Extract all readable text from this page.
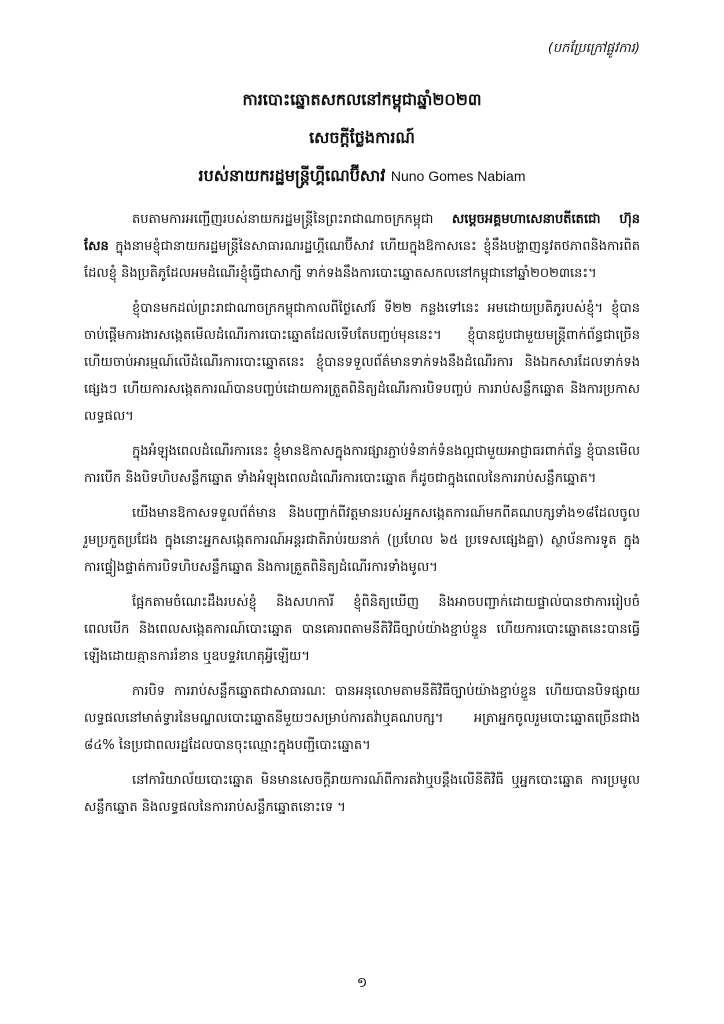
(បកប្រែក្រៅផ្លូវការ)
ការបោះឆ្នោតសកលនៅកម្ពុជាឆ្នាំ២០២៣
សេចក្តីថ្លែងការណ៍
របស់នាយករដ្ឋមន្ត្រីហ្គីណេប៊ីសាវ Nuno Gomes Nabiam

តបតាមការអញ្ជើញរបស់នាយករដ្ឋមន្ត្រីនៃព្រះរាជាណាចក្រកម្ពុជា សម្តេចអគ្គមហាសេនាបតីតេជោ ហ៊ុន សែន ក្នុងនាមខ្ញុំជានាយករដ្ឋមន្ត្រីនៃសាធារណរដ្ឋហ្គីណេប៊ីសាវ ហើយក្នុងឱកាសនេះ ខ្ញុំនឹងបង្ហាញនូវតថភាពនិងការពិតដែលខ្ញុំ និងប្រតិភូដែលអមដំណើរខ្ញុំធ្វើជាសាក្សី ទាក់ទងនឹងការបោះឆ្នោតសកលនៅកម្ពុជានៅឆ្នាំ២០២៣នេះ។

ខ្ញុំបានមកដល់ព្រះរាជាណាចក្រកម្ពុជាកាលពីថ្ងៃសៅរ៍ ទី២២ កន្លងទៅនេះ អមដោយប្រតិភូរបស់ខ្ញុំ។ ខ្ញុំបានចាប់ផ្តើមការងារសង្កេតមើលដំណើរការបោះឆ្នោតដែលទើបតែបញ្ចប់មុននេះ។ ខ្ញុំបានជួបជាមួយមន្ត្រីពាក់ព័ន្ធជាច្រើន ហើយចាប់អារម្មណ៍លើដំណើរការបោះឆ្នោតនេះ ខ្ញុំបានទទួលព័ត៌មានទាក់ទងនឹងដំណើរការ និងឯកសារដែលទាក់ទងផ្សេងៗ ហើយការសង្កេតការណ៍បានបញ្ចប់ដោយការត្រួតពិនិត្យដំណើរការបិទបញ្ចប់ ការរាប់សន្លឹកឆ្នោត និងការប្រកាសលទ្ធផល។

ក្នុងអំឡុងពេលដំណើរការនេះ ខ្ញុំមានឱកាសក្នុងការផ្សារភ្ជាប់ទំនាក់ទំនងល្អជាមួយអាជ្ញាធរពាក់ព័ន្ធ ខ្ញុំបានមើលការបើក និងបិទហិបសន្លឹកឆ្នោត ទាំងអំឡុងពេលដំណើរការបោះឆ្នោត ក៏ដូចជាក្នុងពេលនៃការរាប់សន្លឹកឆ្នោត។

យើងមានឱកាសទទួលព័ត៌មាន និងបញ្ជាក់ពីវត្តមានរបស់អ្នកសង្កេតការណ៍មកពីគណបក្សទាំង១៨ដែលចូលរួមប្រកួតប្រជែង ក្នុងនោះអ្នកសង្កេតការណ៍អន្តរជាតិរាប់រយនាក់ (ប្រហែល ៦៥ ប្រទេសផ្សេងគ្នា) ស្ថាប័នការទូត ក្នុងការផ្ទៀងផ្ទាត់ការបិទហិបសន្លឹកឆ្នោត និងការត្រួតពិនិត្យដំណើរការទាំងមូល។

ផ្អែកតាមចំណេះដឹងរបស់ខ្ញុំ និងសហការី ខ្ញុំពិនិត្យឃើញ និងអាចបញ្ជាក់ដោយផ្ទាល់បានថាការរៀបចំ ពេលបើក និងពេលសង្កេតការណ៍បោះឆ្នោត បានគោរពតាមនីតិវិធីច្បាប់យ៉ាងខ្ជាប់ខ្ជួន ហើយការបោះឆ្នោតនេះបានធ្វើឡើងដោយគ្មានការរំខាន ឬឧបទ្ទវហេតុអ្វីឡើយ។

ការបិទ ការរាប់សន្លឹកឆ្នោតជាសាធារណៈ បានអនុលោមតាមនីតិវិធីច្បាប់យ៉ាងខ្ជាប់ខ្ជួន ហើយបានបិទផ្សាយលទ្ធផលនៅមាត់ទ្វារនៃមណ្ឌលបោះឆ្នោតនីមួយៗសម្រាប់ការតវ៉ាឬគណបក្ស។ អត្រាអ្នកចូលរួមបោះឆ្នោតច្រើនជាង ៨៤% នៃប្រជាពលរដ្ឋដែលបានចុះឈ្មោះក្នុងបញ្ជីបោះឆ្នោត។

នៅការិយាល័យបោះឆ្នោត មិនមានសេចក្តីរាយការណ៍ពីការតវ៉ាឬបន្តឹងលើនីតិវិធី ឬអ្នកបោះឆ្នោត ការប្រមូលសន្លឹកឆ្នោត និងលទ្ធផលនៃការរាប់សន្លឹកឆ្នោតនោះទេ ។

១
